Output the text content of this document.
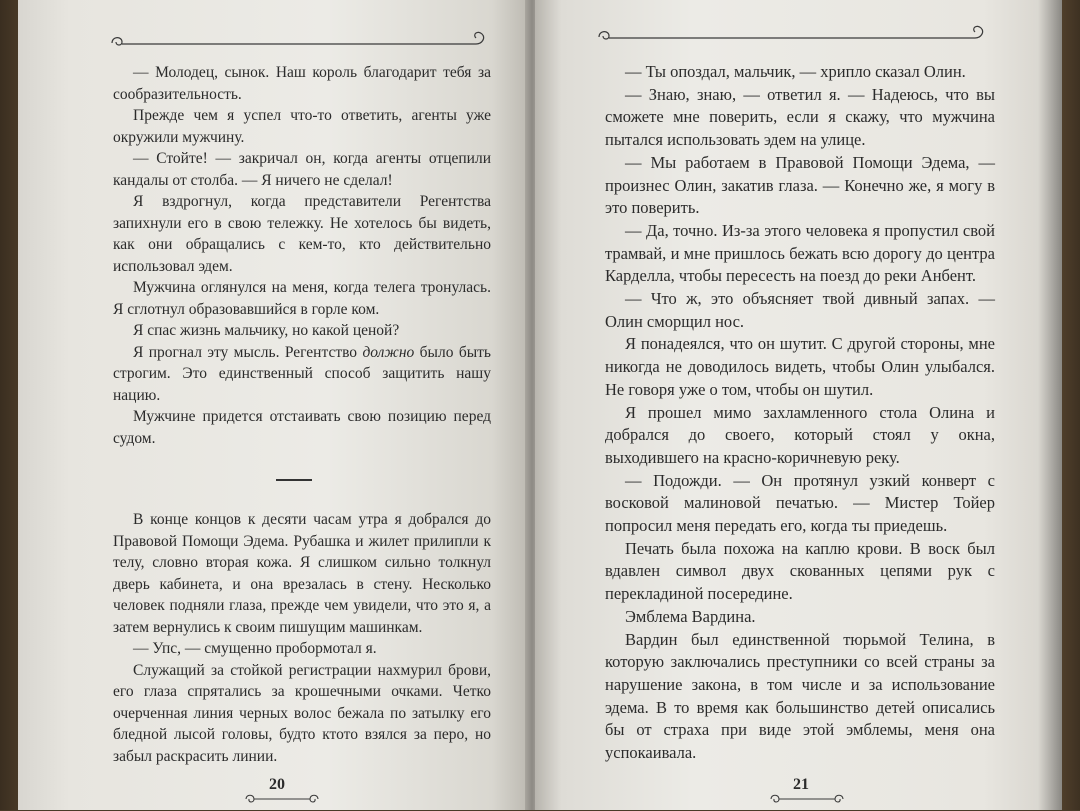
— Молодец, сынок. Наш король благодарит тебя за сообразительность.

Прежде чем я успел что-то ответить, агенты уже окружили мужчину.

— Стойте! — закричал он, когда агенты отцепили кандалы от столба. — Я ничего не сделал!

Я вздрогнул, когда представители Регентства запихнули его в свою тележку. Не хотелось бы видеть, как они обращались с кем-то, кто действительно использовал эдем.

Мужчина оглянулся на меня, когда телега тронулась. Я сглотнул образовавшийся в горле ком.

Я спас жизнь мальчику, но какой ценой?

Я прогнал эту мысль. Регентство должно было быть строгим. Это единственный способ защитить нашу нацию.

Мужчине придется отстаивать свою позицию перед судом.

В конце концов к десяти часам утра я добрался до Правовой Помощи Эдема. Рубашка и жилет прилипли к телу, словно вторая кожа. Я слишком сильно толкнул дверь кабинета, и она врезалась в стену. Несколько человек подняли глаза, прежде чем увидели, что это я, а затем вернулись к своим пишущим машинкам.

— Упс, — смущенно пробормотал я.

Служащий за стойкой регистрации нахмурил брови, его глаза спрятались за крошечными очками. Четко очерченная линия черных волос бежала по затылку его бледной лысой головы, будто ктото взялся за перо, но забыл раскрасить линии.

20

— Ты опоздал, мальчик, — хрипло сказал Олин.

— Знаю, знаю, — ответил я. — Надеюсь, что вы сможете мне поверить, если я скажу, что мужчина пытался использовать эдем на улице.

— Мы работаем в Правовой Помощи Эдема, — произнес Олин, закатив глаза. — Конечно же, я могу в это поверить.

— Да, точно. Из-за этого человека я пропустил свой трамвай, и мне пришлось бежать всю дорогу до центра Карделла, чтобы пересесть на поезд до реки Анбент.

— Что ж, это объясняет твой дивный запах. — Олин сморщил нос.

Я понадеялся, что он шутит. С другой стороны, мне никогда не доводилось видеть, чтобы Олин улыбался. Не говоря уже о том, чтобы он шутил.

Я прошел мимо захламленного стола Олина и добрался до своего, который стоял у окна, выходившего на красно-коричневую реку.

— Подожди. — Он протянул узкий конверт с восковой малиновой печатью. — Мистер Тойер попросил меня передать его, когда ты приедешь.

Печать была похожа на каплю крови. В воск был вдавлен символ двух скованных цепями рук с перекладиной посередине.

Эмблема Вардина.

Вардин был единственной тюрьмой Телина, в которую заключались преступники со всей страны за нарушение закона, в том числе и за использование эдема. В то время как большинство детей описались бы от страха при виде этой эмблемы, меня она успокаивала.

21
